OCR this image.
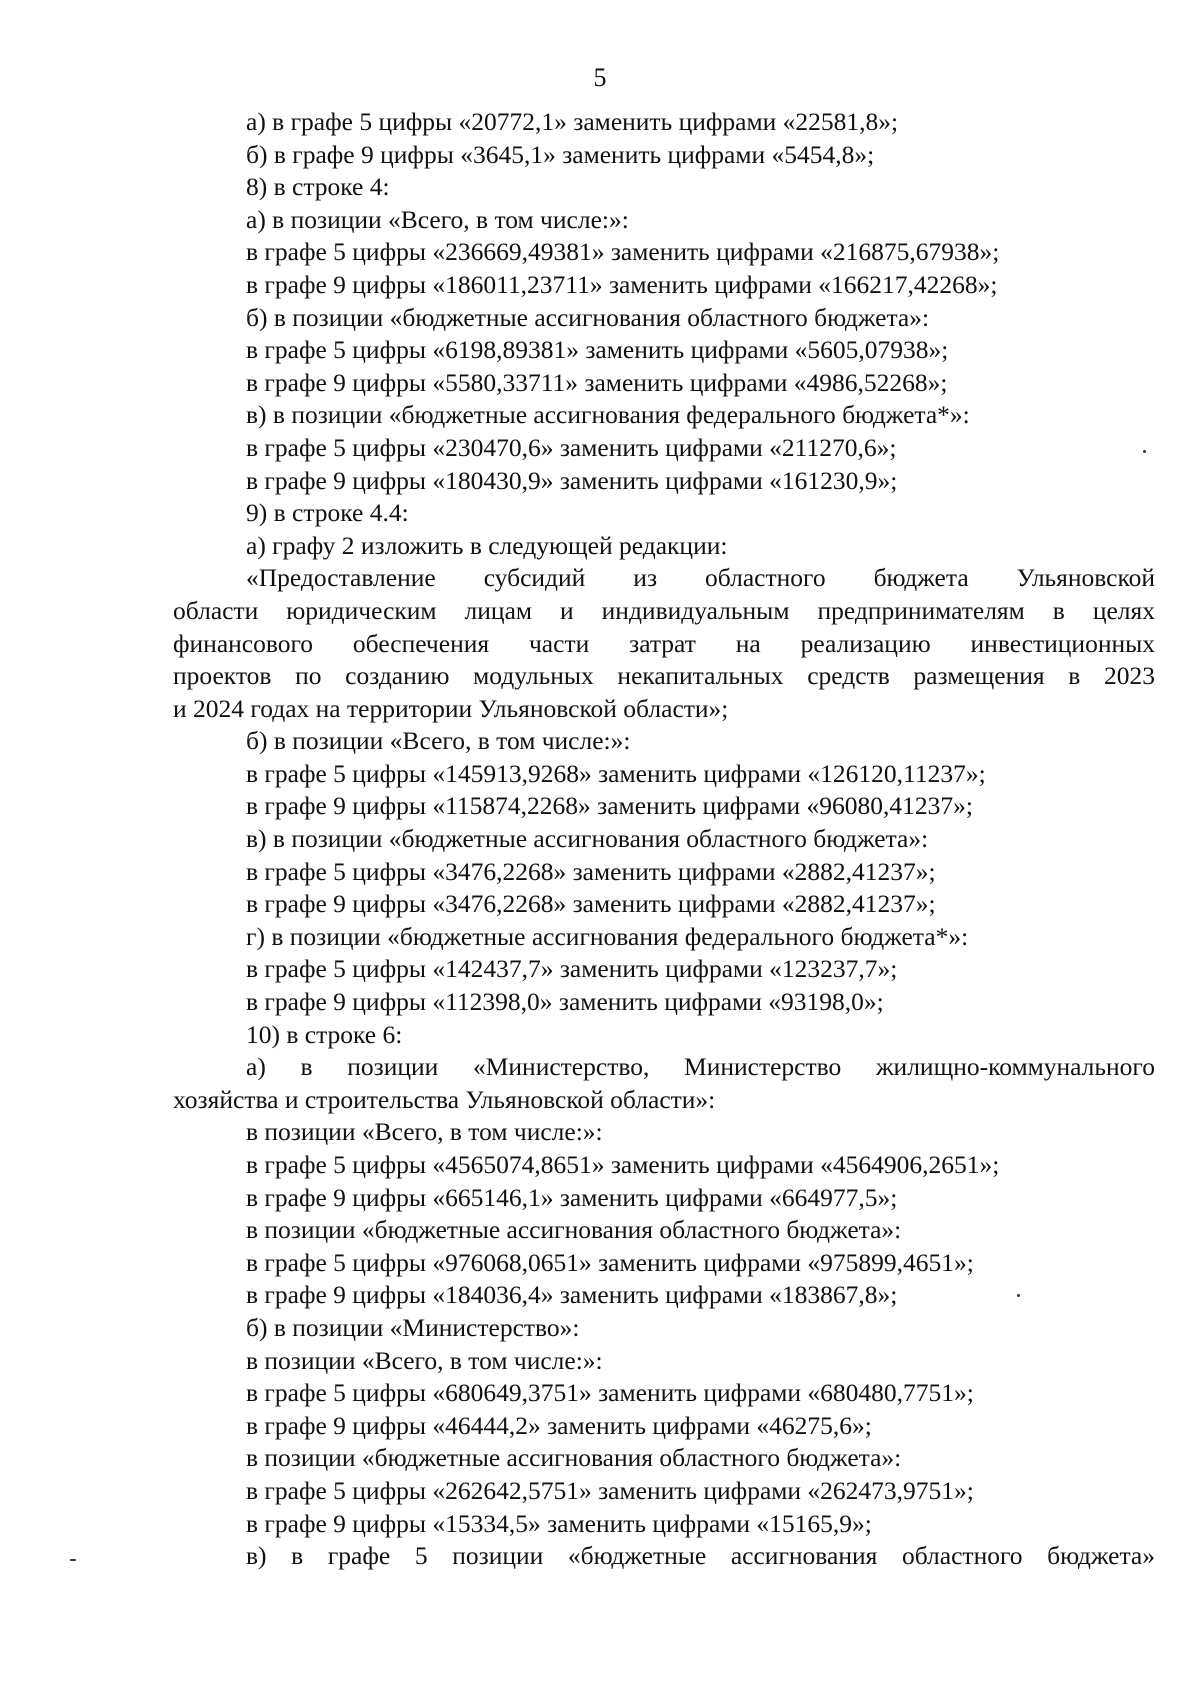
5
а) в графе 5 цифры «20772,1» заменить цифрами «22581,8»;
б) в графе 9 цифры «3645,1» заменить цифрами «5454,8»;
8) в строке 4:
а) в позиции «Всего, в том числе:»:
в графе 5 цифры «236669,49381» заменить цифрами «216875,67938»;
в графе 9 цифры «186011,23711» заменить цифрами «166217,42268»;
б) в позиции «бюджетные ассигнования областного бюджета»:
в графе 5 цифры «6198,89381» заменить цифрами «5605,07938»;
в графе 9 цифры «5580,33711» заменить цифрами «4986,52268»;
в) в позиции «бюджетные ассигнования федерального бюджета*»:
в графе 5 цифры «230470,6» заменить цифрами «211270,6»;
в графе 9 цифры «180430,9» заменить цифрами «161230,9»;
9) в строке 4.4:
а) графу 2 изложить в следующей редакции:
«Предоставление субсидий из областного бюджета Ульяновской
области юридическим лицам и индивидуальным предпринимателям в целях
финансового обеспечения части затрат на реализацию инвестиционных
проектов по созданию модульных некапитальных средств размещения в 2023
и 2024 годах на территории Ульяновской области»;
б) в позиции «Всего, в том числе:»:
в графе 5 цифры «145913,9268» заменить цифрами «126120,11237»;
в графе 9 цифры «115874,2268» заменить цифрами «96080,41237»;
в) в позиции «бюджетные ассигнования областного бюджета»:
в графе 5 цифры «3476,2268» заменить цифрами «2882,41237»;
в графе 9 цифры «3476,2268» заменить цифрами «2882,41237»;
г) в позиции «бюджетные ассигнования федерального бюджета*»:
в графе 5 цифры «142437,7» заменить цифрами «123237,7»;
в графе 9 цифры «112398,0» заменить цифрами «93198,0»;
10) в строке 6:
а) в позиции «Министерство, Министерство жилищно-коммунального
хозяйства и строительства Ульяновской области»:
в позиции «Всего, в том числе:»:
в графе 5 цифры «4565074,8651» заменить цифрами «4564906,2651»;
в графе 9 цифры «665146,1» заменить цифрами «664977,5»;
в позиции «бюджетные ассигнования областного бюджета»:
в графе 5 цифры «976068,0651» заменить цифрами «975899,4651»;
в графе 9 цифры «184036,4» заменить цифрами «183867,8»;
б) в позиции «Министерство»:
в позиции «Всего, в том числе:»:
в графе 5 цифры «680649,3751» заменить цифрами «680480,7751»;
в графе 9 цифры «46444,2» заменить цифрами «46275,6»;
в позиции «бюджетные ассигнования областного бюджета»:
в графе 5 цифры «262642,5751» заменить цифрами «262473,9751»;
в графе 9 цифры «15334,5» заменить цифрами «15165,9»;
в) в графе 5 позиции «бюджетные ассигнования областного бюджета»
